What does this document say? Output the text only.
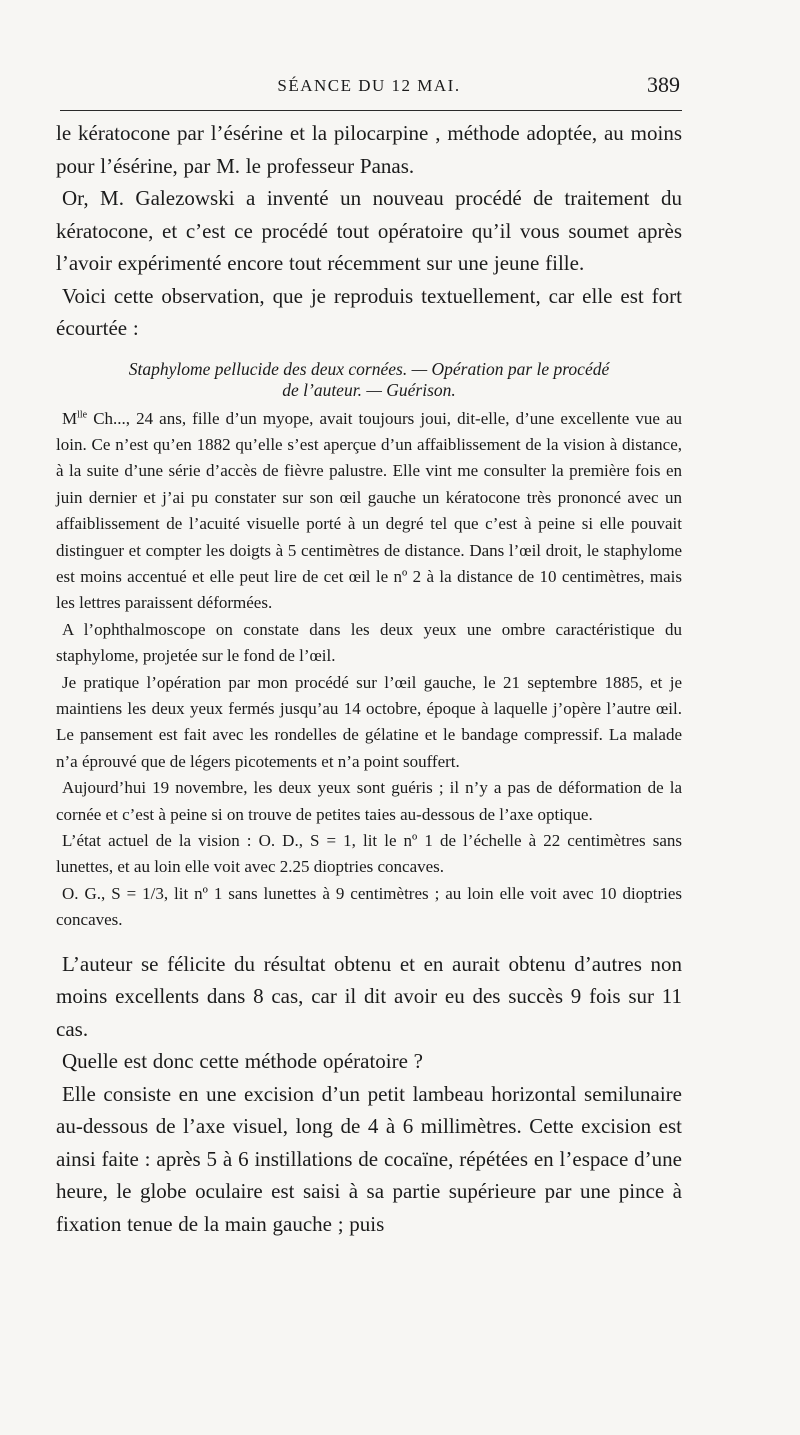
SÉANCE DU 12 MAI.	389

le kératocone par l’ésérine et la pilocarpine , méthode adoptée, au moins pour l’ésérine, par M. le professeur Panas.

Or, M. Galezowski a inventé un nouveau procédé de traitement du kératocone, et c’est ce procédé tout opératoire qu’il vous soumet après l’avoir expérimenté encore tout récemment sur une jeune fille.

Voici cette observation, que je reproduis textuellement, car elle est fort écourtée :

Staphylome pellucide des deux cornées. — Opération par le procédé
de l’auteur. — Guérison.

$M^{lle}$ Ch..., 24 ans, fille d’un myope, avait toujours joui, dit-elle, d’une excellente vue au loin. Ce n’est qu’en 1882 qu’elle s’est aperçue d’un affaiblissement de la vision à distance, à la suite d’une série d’accès de fièvre palustre. Elle vint me consulter la première fois en juin dernier et j’ai pu constater sur son œil gauche un kératocone très prononcé avec un affaiblissement de l’acuité visuelle porté à un degré tel que c’est à peine si elle pouvait distinguer et compter les doigts à 5 centimètres de distance. Dans l’œil droit, le staphylome est moins accentué et elle peut lire de cet œil le nº 2 à la distance de 10 centimètres, mais les lettres paraissent déformées.

A l’ophthalmoscope on constate dans les deux yeux une ombre caractéristique du staphylome, projetée sur le fond de l’œil.

Je pratique l’opération par mon procédé sur l’œil gauche, le 21 septembre 1885, et je maintiens les deux yeux fermés jusqu’au 14 octobre, époque à laquelle j’opère l’autre œil. Le pansement est fait avec les rondelles de gélatine et le bandage compressif. La malade n’a éprouvé que de légers picotements et n’a point souffert.

Aujourd’hui 19 novembre, les deux yeux sont guéris ; il n’y a pas de déformation de la cornée et c’est à peine si on trouve de petites taies au-dessous de l’axe optique.

L’état actuel de la vision : O. D., S = 1, lit le nº 1 de l’échelle à 22 centimètres sans lunettes, et au loin elle voit avec 2.25 dioptries concaves.

O. G., S = 1/3, lit nº 1 sans lunettes à 9 centimètres ; au loin elle voit avec 10 dioptries concaves.

L’auteur se félicite du résultat obtenu et en aurait obtenu d’autres non moins excellents dans 8 cas, car il dit avoir eu des succès 9 fois sur 11 cas.

Quelle est donc cette méthode opératoire ?

Elle consiste en une excision d’un petit lambeau horizontal semilunaire au-dessous de l’axe visuel, long de 4 à 6 millimètres. Cette excision est ainsi faite : après 5 à 6 instillations de cocaïne, répétées en l’espace d’une heure, le globe oculaire est saisi à sa partie supérieure par une pince à fixation tenue de la main gauche ; puis
